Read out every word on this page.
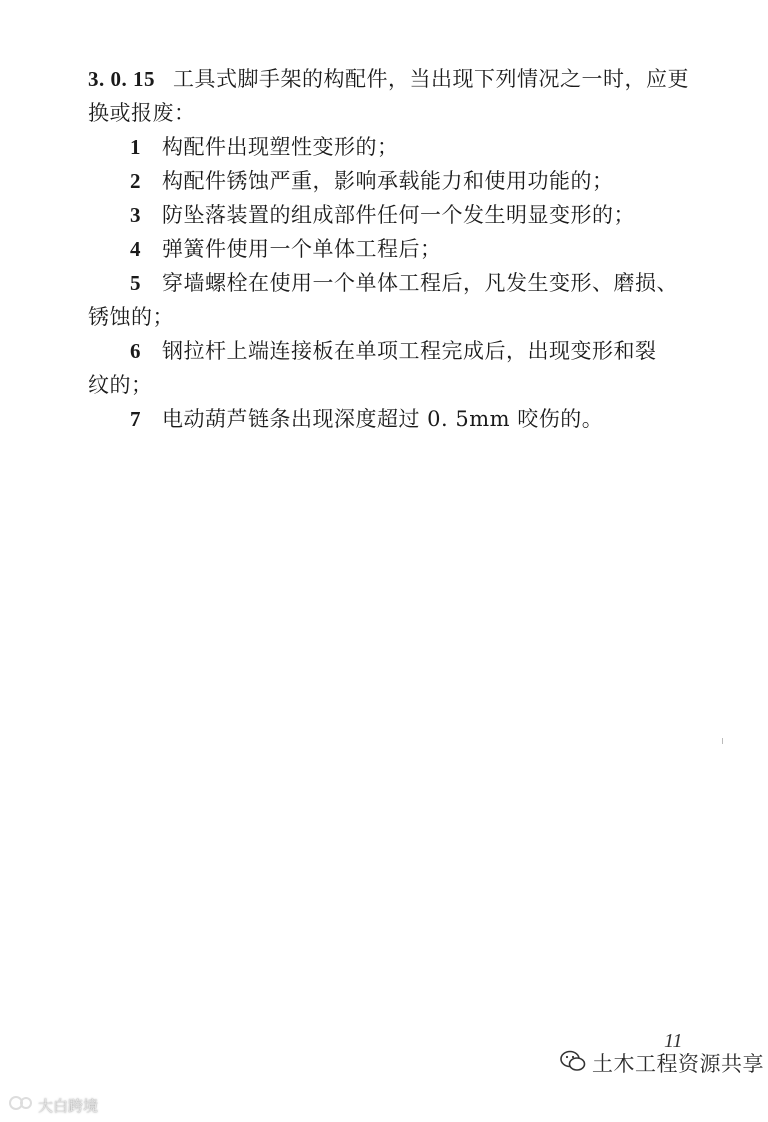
3. 0. 15 工具式脚手架的构配件，当出现下列情况之一时，应更
换或报废：
1 构配件出现塑性变形的；
2 构配件锈蚀严重，影响承载能力和使用功能的；
3 防坠落装置的组成部件任何一个发生明显变形的；
4 弹簧件使用一个单体工程后；
5 穿墙螺栓在使用一个单体工程后，凡发生变形、磨损、
锈蚀的；
6 钢拉杆上端连接板在单项工程完成后，出现变形和裂
纹的；
7 电动葫芦链条出现深度超过 0. 5mm 咬伤的。
11
土木工程资源共享
大白跨境
